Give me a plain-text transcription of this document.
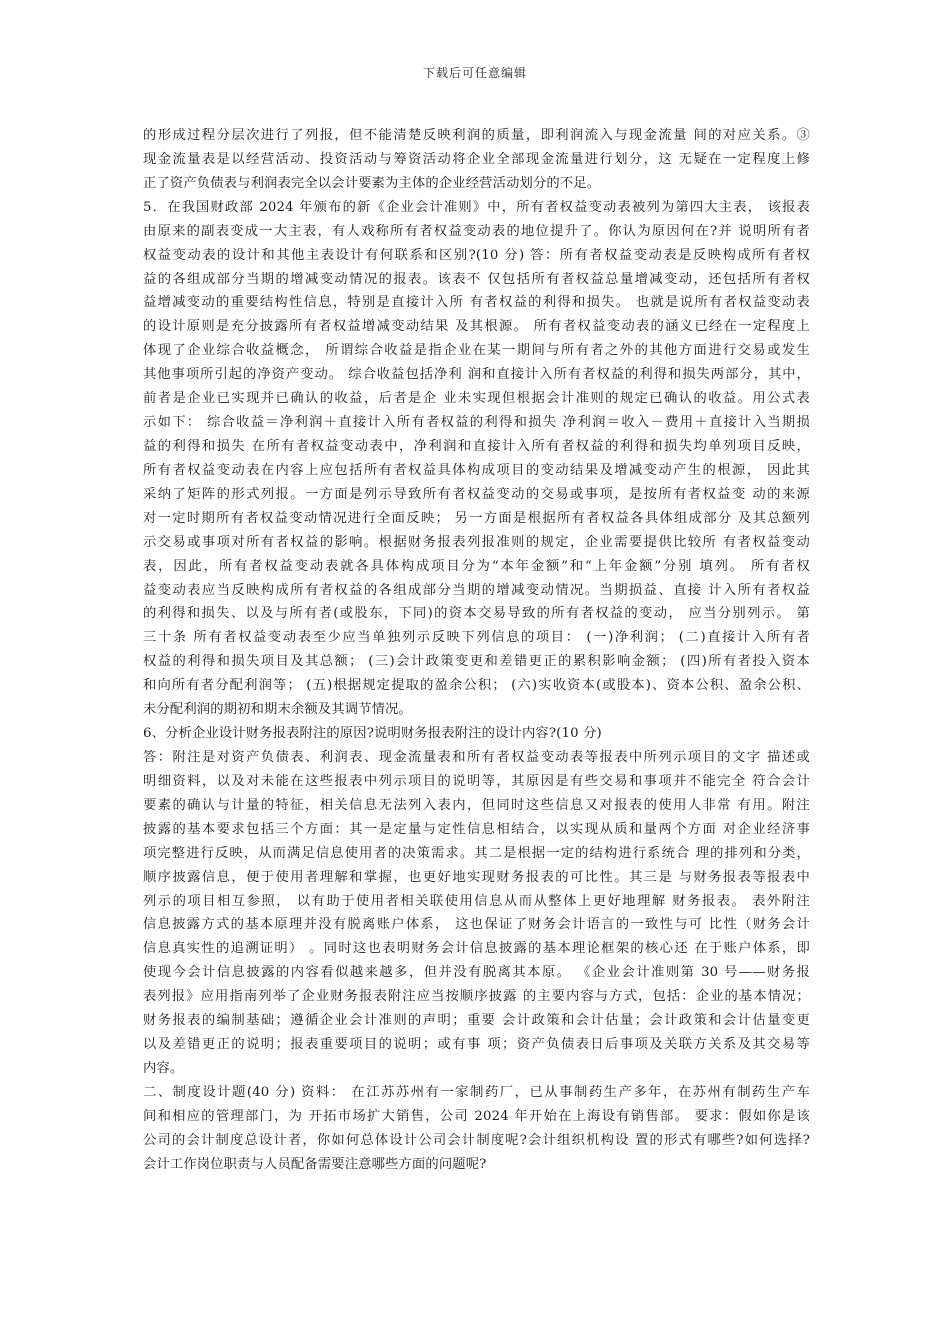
下载后可任意编辑
的形成过程分层次进行了列报，但不能清楚反映利润的质量，即利润流入与现金流量 间的对应关系。③
现金流量表是以经营活动、投资活动与筹资活动将企业全部现金流量进行划分，这 无疑在一定程度上修
正了资产负债表与利润表完全以会计要素为主体的企业经营活动划分的不足。
5．在我国财政部 2024 年颁布的新《企业会计准则》中，所有者权益变动表被列为第四大主表， 该报表
由原来的副表变成一大主表，有人戏称所有者权益变动表的地位提升了。你认为原因何在?并 说明所有者
权益变动表的设计和其他主表设计有何联系和区别?(10 分) 答：所有者权益变动表是反映构成所有者权
益的各组成部分当期的增减变动情况的报表。该表不 仅包括所有者权益总量增减变动，还包括所有者权
益增减变动的重要结构性信息，特别是直接计入所 有者权益的利得和损失。 也就是说所有者权益变动表
的设计原则是充分披露所有者权益增减变动结果 及其根源。 所有者权益变动表的涵义已经在一定程度上
体现了企业综合收益概念， 所谓综合收益是指企业在某一期间与所有者之外的其他方面进行交易或发生
其他事项所引起的净资产变动。 综合收益包括净利 润和直接计入所有者权益的利得和损失两部分，其中，
前者是企业已实现并已确认的收益，后者是企 业未实现但根据会计准则的规定已确认的收益。用公式表
示如下： 综合收益＝净利润＋直接计入所有者权益的利得和损失 净利润＝收入－费用＋直接计入当期损
益的利得和损失 在所有者权益变动表中，净利润和直接计入所有者权益的利得和损失均单列项目反映，
所有者权益变动表在内容上应包括所有者权益具体构成项目的变动结果及增减变动产生的根源， 因此其
采纳了矩阵的形式列报。一方面是列示导致所有者权益变动的交易或事项，是按所有者权益变 动的来源
对一定时期所有者权益变动情况进行全面反映； 另一方面是根据所有者权益各具体组成部分 及其总额列
示交易或事项对所有者权益的影响。根据财务报表列报准则的规定，企业需要提供比较所 有者权益变动
表，因此，所有者权益变动表就各具体构成项目分为“本年金额”和“上年金额”分别 填列。 所有者权
益变动表应当反映构成所有者权益的各组成部分当期的增减变动情况。当期损益、直接 计入所有者权益
的利得和损失、以及与所有者(或股东，下同)的资本交易导致的所有者权益的变动， 应当分别列示。 第
三十条 所有者权益变动表至少应当单独列示反映下列信息的项目： (一)净利润； (二)直接计入所有者
权益的利得和损失项目及其总额； (三)会计政策变更和差错更正的累积影响金额； (四)所有者投入资本
和向所有者分配利润等； (五)根据规定提取的盈余公积； (六)实收资本(或股本)、资本公积、盈余公积、
未分配利润的期初和期末余额及其调节情况。
6、分析企业设计财务报表附注的原因?说明财务报表附注的设计内容?(10 分)
答：附注是对资产负债表、利润表、现金流量表和所有者权益变动表等报表中所列示项目的文字 描述或
明细资料，以及对未能在这些报表中列示项目的说明等，其原因是有些交易和事项并不能完全 符合会计
要素的确认与计量的特征，相关信息无法列入表内，但同时这些信息又对报表的使用人非常 有用。附注
披露的基本要求包括三个方面：其一是定量与定性信息相结合，以实现从质和量两个方面 对企业经济事
项完整进行反映，从而满足信息使用者的决策需求。其二是根据一定的结构进行系统合 理的排列和分类，
顺序披露信息，便于使用者理解和掌握，也更好地实现财务报表的可比性。其三是 与财务报表等报表中
列示的项目相互参照， 以有助于使用者相关联使用信息从而从整体上更好地理解 财务报表。 表外附注
信息披露方式的基本原理并没有脱离账户体系， 这也保证了财务会计语言的一致性与可 比性（财务会计
信息真实性的追溯证明） 。同时这也表明财务会计信息披露的基本理论框架的核心还 在于账户体系，即
使现今会计信息披露的内容看似越来越多，但并没有脱离其本原。 《企业会计准则第 30 号——财务报
表列报》应用指南列举了企业财务报表附注应当按顺序披露 的主要内容与方式，包括：企业的基本情况；
财务报表的编制基础；遵循企业会计准则的声明；重要 会计政策和会计估量；会计政策和会计估量变更
以及差错更正的说明；报表重要项目的说明；或有事 项；资产负债表日后事项及关联方关系及其交易等
内容。
二、制度设计题(40 分) 资料： 在江苏苏州有一家制药厂，已从事制药生产多年，在苏州有制药生产车
间和相应的管理部门，为 开拓市场扩大销售，公司 2024 年开始在上海设有销售部。 要求：假如你是该
公司的会计制度总设计者，你如何总体设计公司会计制度呢?会计组织机构设 置的形式有哪些?如何选择?
会计工作岗位职责与人员配备需要注意哪些方面的问题呢?
